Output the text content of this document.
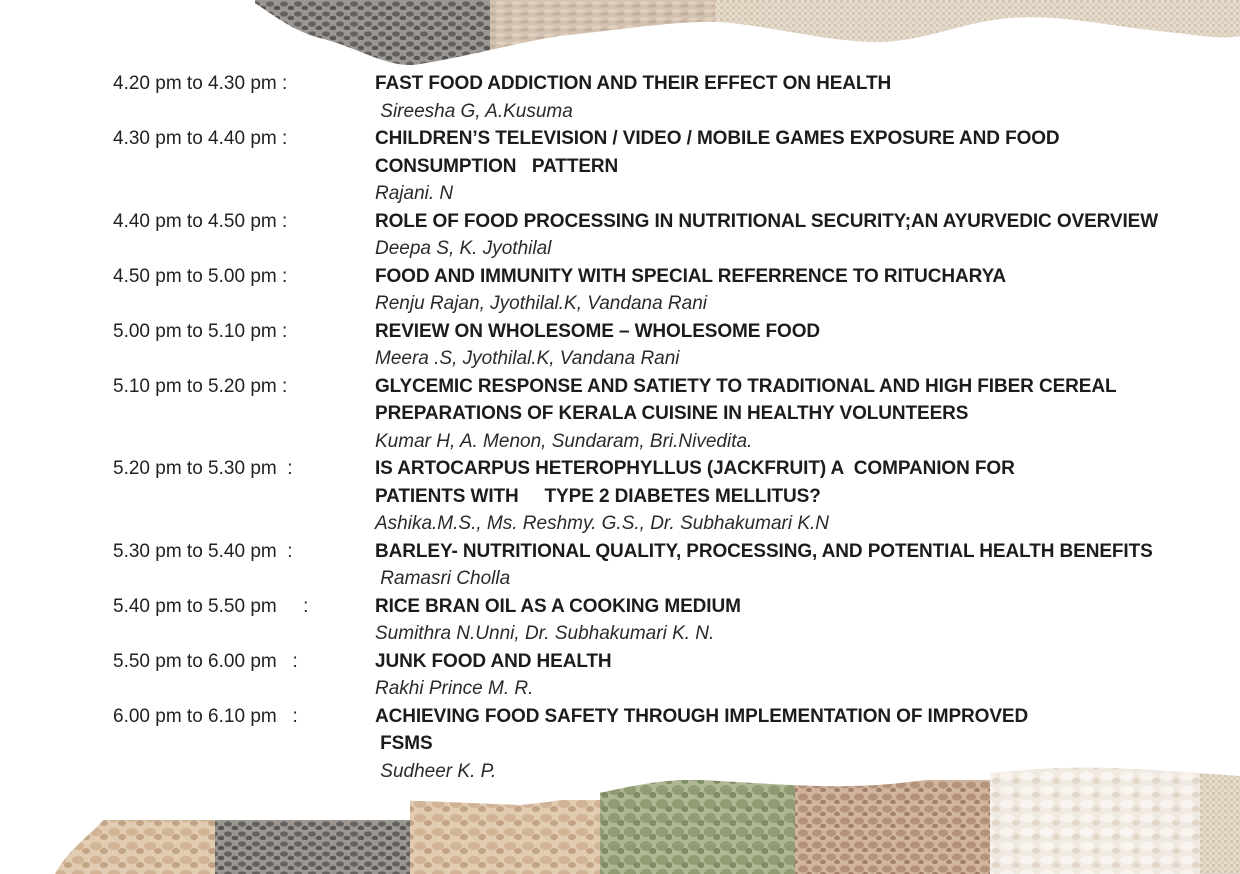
4.20 pm to 4.30 pm :	FAST FOOD ADDICTION AND THEIR EFFECT ON HEALTH
Sireesha G, A.Kusuma
4.30 pm to 4.40 pm :	CHILDREN’S TELEVISION / VIDEO / MOBILE GAMES EXPOSURE AND FOOD
CONSUMPTION   PATTERN
Rajani. N
4.40 pm to 4.50 pm :	ROLE OF FOOD PROCESSING IN NUTRITIONAL SECURITY;AN AYURVEDIC OVERVIEW
Deepa S, K. Jyothilal
4.50 pm to 5.00 pm :	FOOD AND IMMUNITY WITH SPECIAL REFERRENCE TO RITUCHARYA
Renju Rajan, Jyothilal.K, Vandana Rani
5.00 pm to 5.10 pm :	REVIEW ON WHOLESOME – WHOLESOME FOOD
Meera .S, Jyothilal.K, Vandana Rani
5.10 pm to 5.20 pm :	GLYCEMIC RESPONSE AND SATIETY TO TRADITIONAL AND HIGH FIBER CEREAL
PREPARATIONS OF KERALA CUISINE IN HEALTHY VOLUNTEERS
Kumar H, A. Menon, Sundaram, Bri.Nivedita.
5.20 pm to 5.30 pm  :	IS ARTOCARPUS HETEROPHYLLUS (JACKFRUIT) A  COMPANION FOR
PATIENTS WITH     TYPE 2 DIABETES MELLITUS?
Ashika.M.S., Ms. Reshmy. G.S., Dr. Subhakumari K.N
5.30 pm to 5.40 pm  :	BARLEY- NUTRITIONAL QUALITY, PROCESSING, AND POTENTIAL HEALTH BENEFITS
Ramasri Cholla
5.40 pm to 5.50 pm     :	RICE BRAN OIL AS A COOKING MEDIUM
Sumithra N.Unni, Dr. Subhakumari K. N.
5.50 pm to 6.00 pm   :	JUNK FOOD AND HEALTH
Rakhi Prince M. R.
6.00 pm to 6.10 pm   :	ACHIEVING FOOD SAFETY THROUGH IMPLEMENTATION OF IMPROVED
FSMS
Sudheer K. P.
